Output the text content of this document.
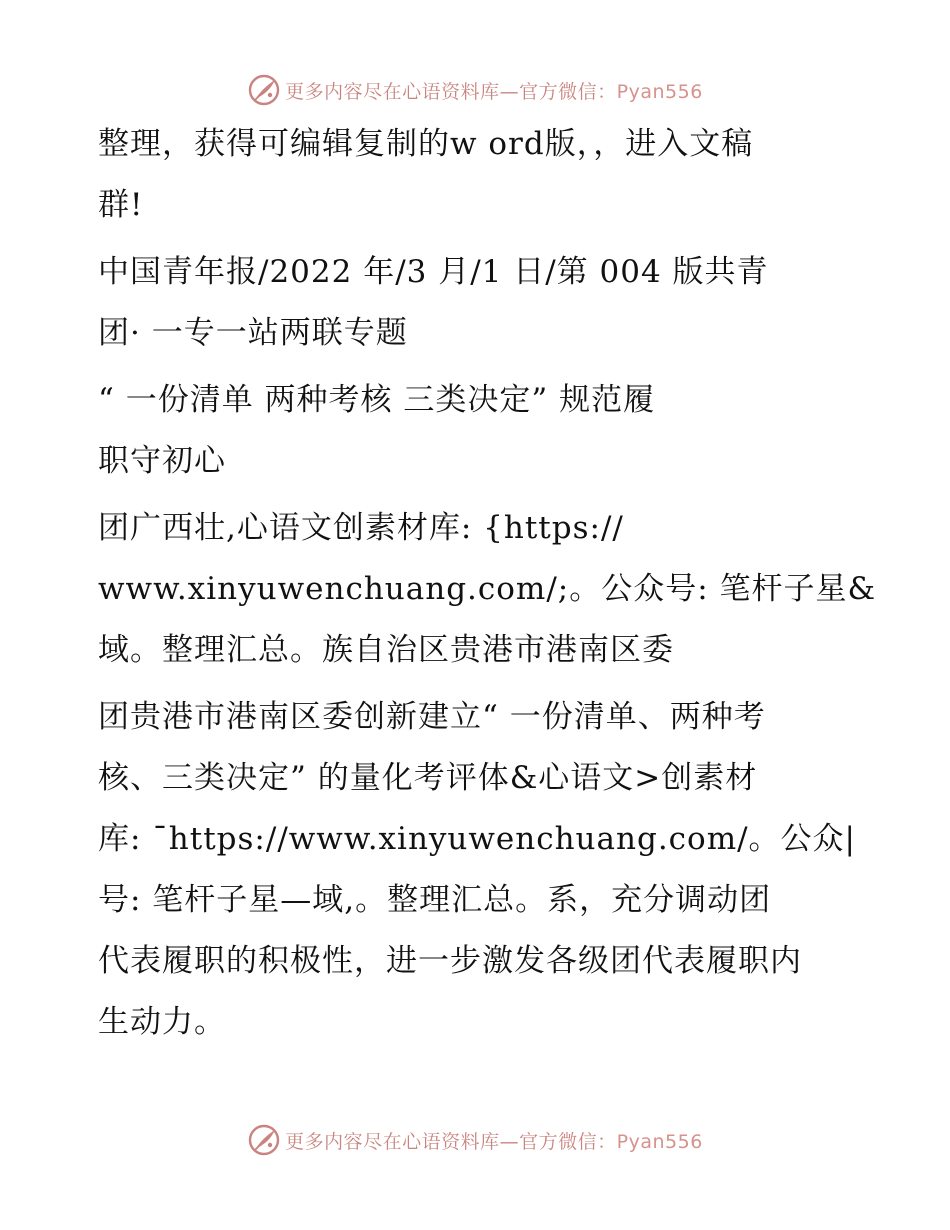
更多内容尽在心语资料库—官方微信：Pyan556

整理，获得可编辑复制的w ord版，，进入文稿
群!

中国青年报/2022 年/3 月/1 日/第 004 版共青
团· 一专一站两联专题

“ 一份清单 两种考核 三类决定” 规范履
职守初心

团广西壮,心语文创素材库: {https://
www.xinyuwenchuang.com/;。公众号: 笔杆子星&
域。整理汇总。族自治区贵港市港南区委

团贵港市港南区委创新建立“ 一份清单、两种考
核、三类决定” 的量化考评体&心语文>创素材
库: ¯https://www.xinyuwenchuang.com/。公众|
号: 笔杆子星—域,。整理汇总。系，充分调动团
代表履职的积极性，进一步激发各级团代表履职内
生动力。

更多内容尽在心语资料库—官方微信：Pyan556
